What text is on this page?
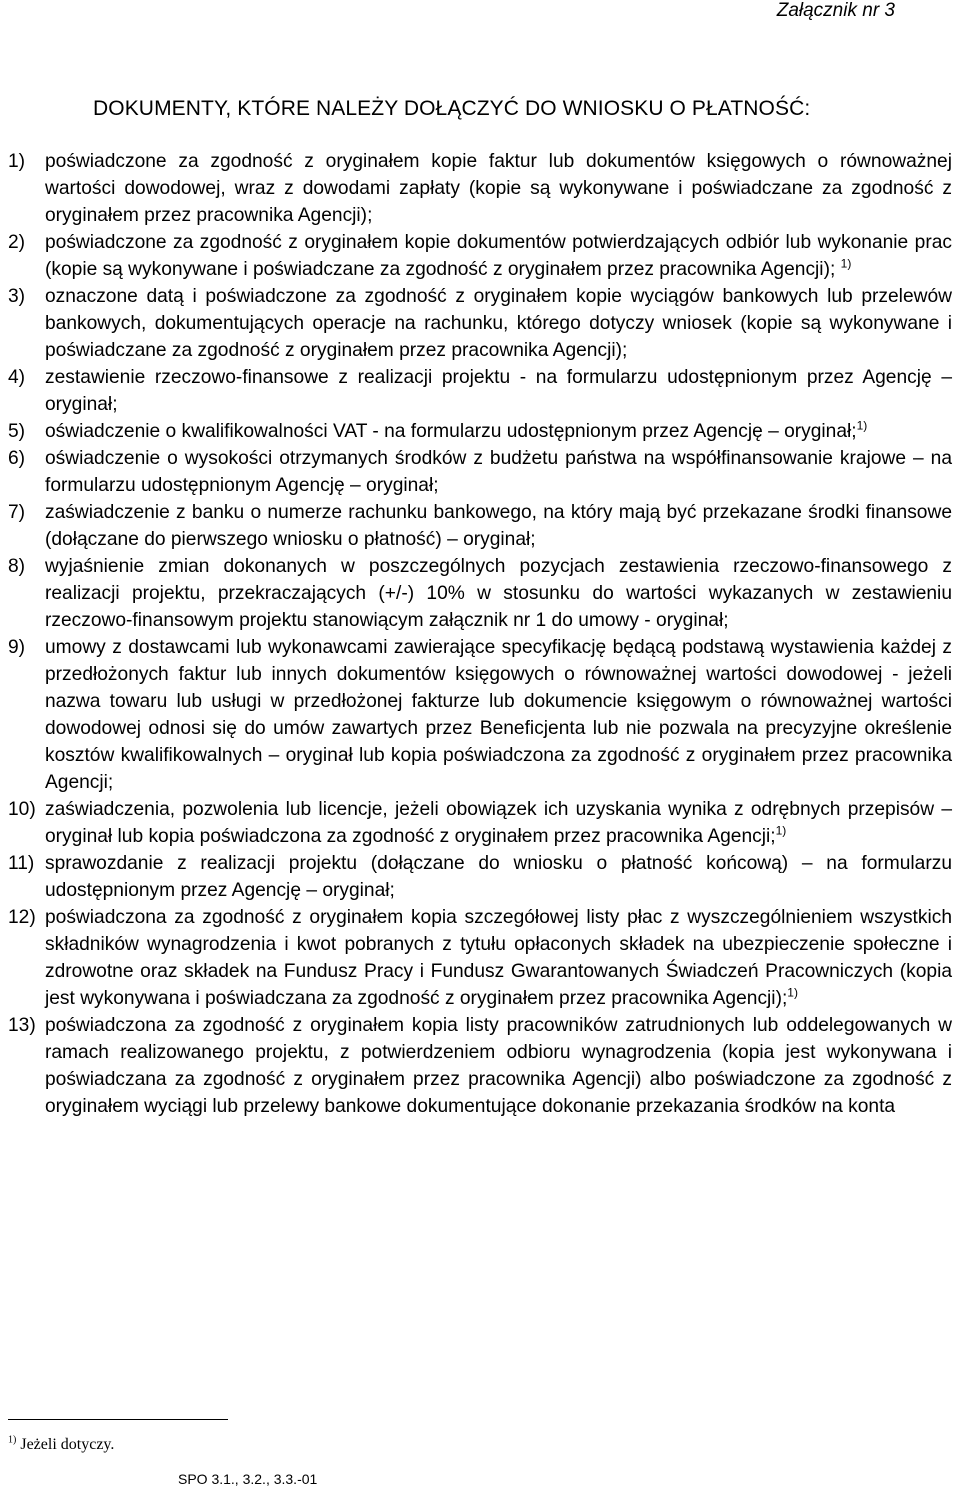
Załącznik nr 3
DOKUMENTY, KTÓRE NALEŻY DOŁĄCZYĆ DO WNIOSKU O PŁATNOŚĆ:
1)	poświadczone za zgodność z oryginałem kopie faktur lub dokumentów księgowych o równoważnej wartości dowodowej, wraz z dowodami zapłaty (kopie są wykonywane i poświadczane za zgodność z oryginałem przez pracownika Agencji);
2)	poświadczone za zgodność z oryginałem kopie dokumentów potwierdzających odbiór lub wykonanie prac (kopie są wykonywane i poświadczane za zgodność z oryginałem przez pracownika Agencji); $^{1)}$
3)	oznaczone datą i poświadczone za zgodność z oryginałem kopie wyciągów bankowych lub przelewów bankowych, dokumentujących operacje na rachunku, którego dotyczy wniosek (kopie są wykonywane i poświadczane za zgodność z oryginałem przez pracownika Agencji);
4)	zestawienie rzeczowo-finansowe z realizacji projektu - na formularzu udostępnionym przez Agencję – oryginał;
5)	oświadczenie o kwalifikowalności VAT - na formularzu udostępnionym przez Agencję – oryginał;$^{1)}$
6)	oświadczenie o wysokości otrzymanych środków z budżetu państwa na współfinansowanie krajowe – na formularzu udostępnionym Agencję – oryginał;
7)	zaświadczenie z banku o numerze rachunku bankowego, na który mają być przekazane środki finansowe (dołączane do pierwszego wniosku o płatność) – oryginał;
8)	wyjaśnienie zmian dokonanych w poszczególnych pozycjach zestawienia rzeczowo-finansowego z realizacji projektu, przekraczających (+/-) 10% w stosunku do wartości wykazanych w zestawieniu rzeczowo-finansowym projektu stanowiącym załącznik nr 1 do umowy - oryginał;
9)	umowy z dostawcami lub wykonawcami zawierające specyfikację będącą podstawą wystawienia każdej z przedłożonych faktur lub innych dokumentów księgowych o równoważnej wartości dowodowej - jeżeli nazwa towaru lub usługi w przedłożonej fakturze lub dokumencie księgowym o równoważnej wartości dowodowej odnosi się do umów zawartych przez Beneficjenta lub nie pozwala na precyzyjne określenie kosztów kwalifikowalnych – oryginał lub kopia poświadczona za zgodność z oryginałem przez pracownika Agencji;
10) zaświadczenia, pozwolenia lub licencje, jeżeli obowiązek ich uzyskania wynika z odrębnych przepisów – oryginał lub kopia poświadczona za zgodność z oryginałem przez pracownika Agencji;$^{1)}$
11) sprawozdanie z realizacji projektu (dołączane do wniosku o płatność końcową) – na formularzu udostępnionym przez Agencję – oryginał;
12) poświadczona za zgodność z oryginałem kopia szczegółowej listy płac z wyszczególnieniem wszystkich składników wynagrodzenia i kwot pobranych z tytułu opłaconych składek na ubezpieczenie społeczne i zdrowotne oraz składek na Fundusz Pracy i Fundusz Gwarantowanych Świadczeń Pracowniczych (kopia jest wykonywana i poświadczana za zgodność z oryginałem przez pracownika Agencji);$^{1)}$
13) poświadczona za zgodność z oryginałem kopia listy pracowników zatrudnionych lub oddelegowanych w ramach realizowanego projektu, z potwierdzeniem odbioru wynagrodzenia (kopia jest wykonywana i poświadczana za zgodność z oryginałem przez pracownika Agencji) albo poświadczone za zgodność z oryginałem wyciągi lub przelewy bankowe dokumentujące dokonanie przekazania środków na konta
$^{1)}$ Jeżeli dotyczy.
SPO 3.1., 3.2., 3.3.-01
